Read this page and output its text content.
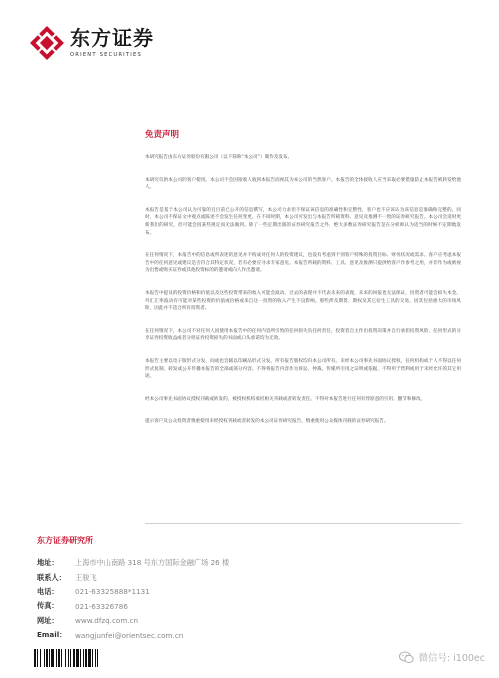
东方证券
ORIENT SECURITIES
免责声明

本研究报告由东方证券股份有限公司（以下简称“本公司”）制作及发布。

本研究仅供本公司的客户使用。本公司不会因接收人收到本报告而视其为本公司的当然客户。本报告的全体接收人应当采取必要措施防止本报告被转发给他人。

本报告是基于本公司认为可靠的且目前已公开的信息撰写，本公司力求但不保证该信息的准确性和完整性，客户也不应该认为该信息是准确和完整的。同时，本公司不保证文中观点或陈述不会发生任何变更，在不同时期，本公司可发出与本报告所载资料、意见及推测不一致的证券研究报告。本公司会适时更新我们的研究，但可能会因某些规定而无法做到。除了一些定期出版的证券研究报告之外，绝大多数证券研究报告是在分析师认为适当的时候不定期地发布。

在任何情况下，本报告中的信息或所表述的意见并不构成对任何人的投资建议，也没有考虑到个别客户特殊的投资目标、财务状况或需求。客户应考虑本报告中的任何意见或建议是否符合其特定状况，若有必要应寻求专家意见。本报告所载的资料、工具、意见及推测只提供给客户作参考之用，并非作为或被视为出售或购买证券或其他投资标的的邀请或向人作出邀请。

本报告中提及的投资价格和价值以及这些投资带来的收入可能会波动。过去的表现并不代表未来的表现，未来的回报也无法保证，投资者可能会损失本金。外汇汇率波动有可能对某些投资的价值或价格或来自这一投资的收入产生不良影响。那些涉及期货、期权及其它衍生工具的交易，因其包括重大的市场风险，因此并不适合所有投资者。

在任何情况下，本公司不对任何人因使用本报告中的任何内容所引致的任何损失负任何责任，投资者自主作出投资决策并自行承担投资风险，任何形式的分享证券投资收益或者分担证券投资损失的书面或口头承诺均为无效。

本报告主要以电子版形式分发，间或也会辅以印刷品形式分发，所有报告版权均归本公司所有。未经本公司事先书面协议授权，任何机构或个人不得以任何形式复制、转发或公开传播本报告的全部或部分内容。不得将报告内容作为诉讼、仲裁、传媒所引用之证明或依据，不得用于营利或用于未经允许的其它用途。

经本公司事先书面协议授权刊载或转发的，被授权机构承担相关刊载或者转发责任。不得对本报告进行任何有悖原意的引用、删节和修改。

提示客户及公众投资者慎重使用未经授权刊载或者转发的本公司证券研究报告，慎重使用公众媒体刊载的证券研究报告。

东方证券研究所
地址：	上海市中山南路 318 号东方国际金融广场 26 楼
联系人：	王骏飞
电话：	021-63325888*1131
传真：	021-63326786
网址：	www.dfzq.com.cn
Email：	wangjunfei@orientsec.com.cn
微信号: i100ec
